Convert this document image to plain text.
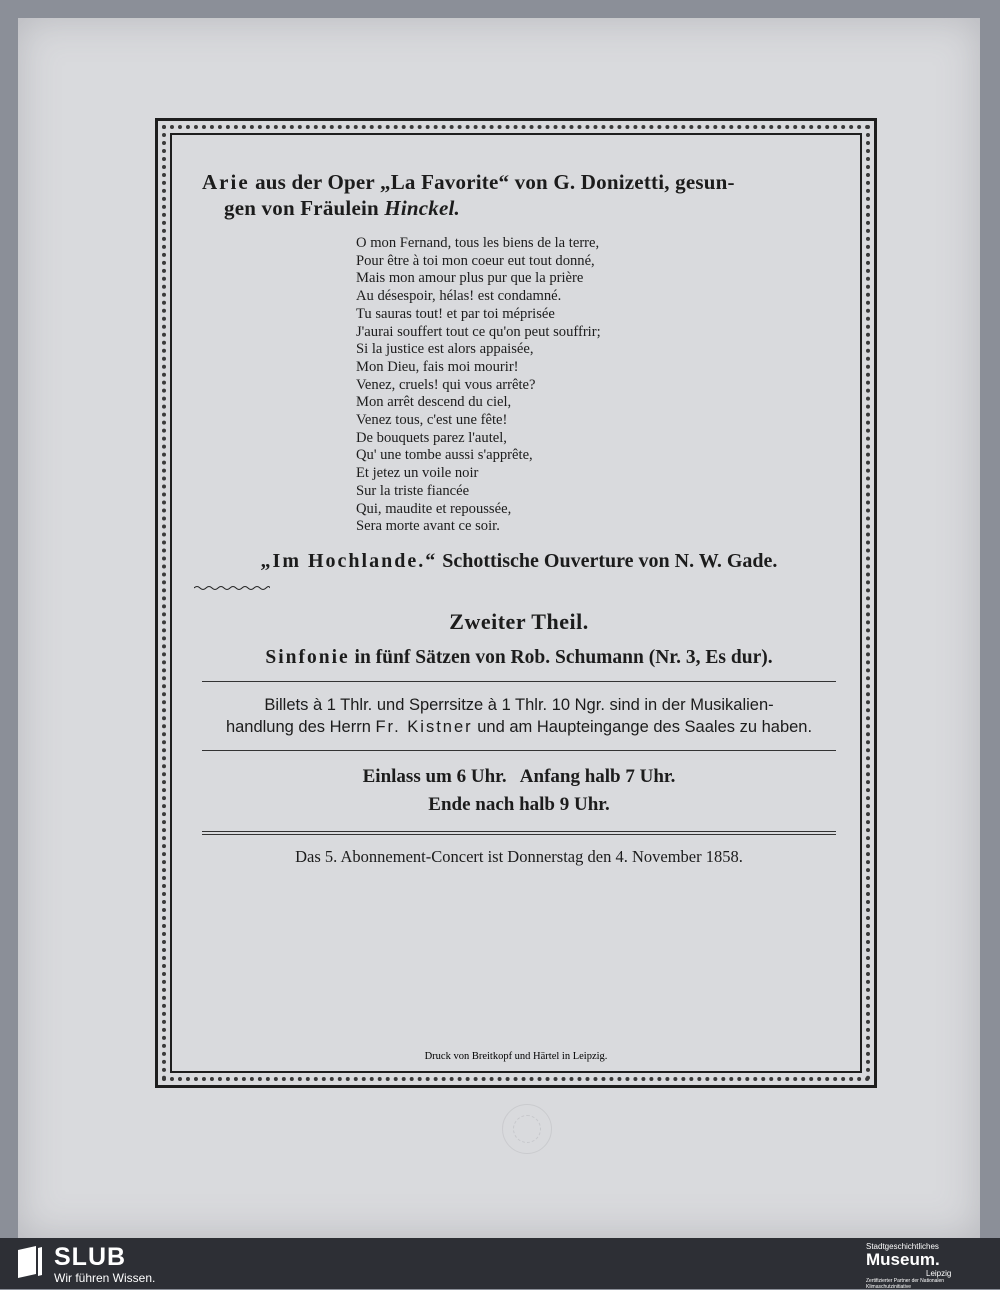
Arie aus der Oper „La Favorite“ von G. Donizetti, gesun-
gen von Fräulein Hinckel.
O mon Fernand, tous les biens de la terre,
Pour être à toi mon coeur eut tout donné,
Mais mon amour plus pur que la prière
Au désespoir, hélas! est condamné.
Tu sauras tout! et par toi méprisée
J'aurai souffert tout ce qu'on peut souffrir;
Si la justice est alors appaisée,
Mon Dieu, fais moi mourir!
Venez, cruels! qui vous arrête?
Mon arrêt descend du ciel,
Venez tous, c'est une fête!
De bouquets parez l'autel,
Qu' une tombe aussi s'apprête,
Et jetez un voile noir
Sur la triste fiancée
Qui, maudite et repoussée,
Sera morte avant ce soir.
„Im Hochlande.“ Schottische Ouverture von N. W. Gade.
Zweiter Theil.
Sinfonie in fünf Sätzen von Rob. Schumann (Nr. 3, Es dur).
Billets à 1 Thlr. und Sperrsitze à 1 Thlr. 10 Ngr. sind in der Musikalien-
handlung des Herrn Fr. Kistner und am Haupteingange des Saales zu haben.
Einlass um 6 Uhr.   Anfang halb 7 Uhr.
Ende nach halb 9 Uhr.
Das 5. Abonnement-Concert ist Donnerstag den 4. November 1858.
Druck von Breitkopf und Härtel in Leipzig.
SLUB
Wir führen Wissen.
Stadtgeschichtliches
Museum.
Leipzig
Zertifizierter Partner der Nationalen Klimaschutzinitiative
